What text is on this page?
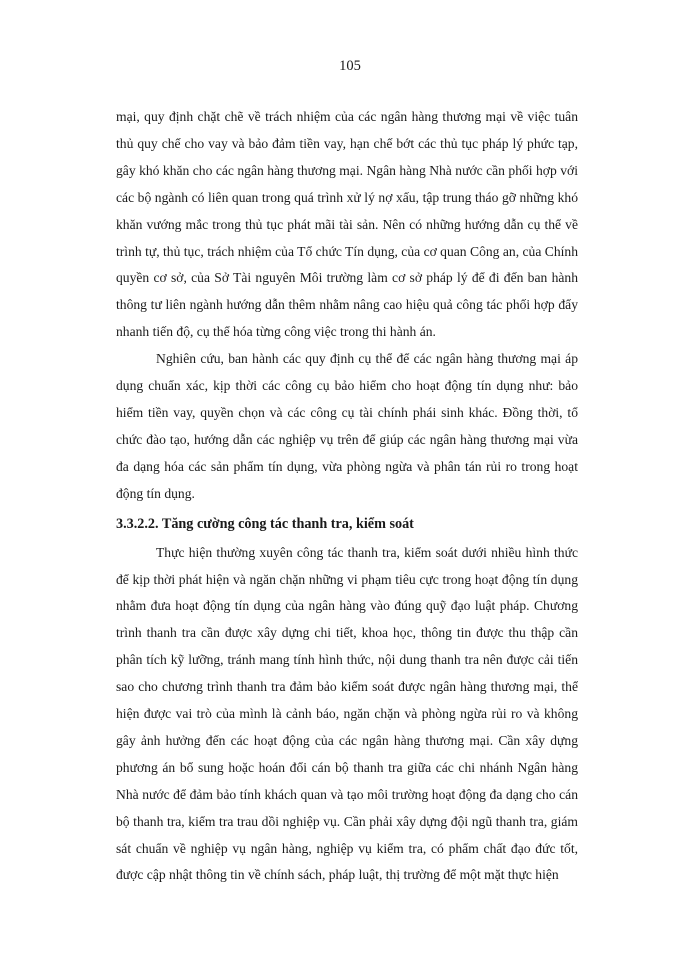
105

mại, quy định chặt chẽ về trách nhiệm của các ngân hàng thương mại về việc tuân thủ quy chế cho vay và bảo đảm tiền vay, hạn chế bớt các thủ tục pháp lý phức tạp, gây khó khăn cho các ngân hàng thương mại. Ngân hàng Nhà nước cần phối hợp với các bộ ngành có liên quan trong quá trình xử lý nợ xấu, tập trung tháo gỡ những khó khăn vướng mắc trong thủ tục phát mãi tài sản. Nên có những hướng dẫn cụ thể về trình tự, thủ tục, trách nhiệm của Tổ chức Tín dụng, của cơ quan Công an, của Chính quyền cơ sở, của Sở Tài nguyên Môi trường làm cơ sở pháp lý để đi đến ban hành thông tư liên ngành hướng dẫn thêm nhằm nâng cao hiệu quả công tác phối hợp đẩy nhanh tiến độ, cụ thể hóa từng công việc trong thi hành án.

Nghiên cứu, ban hành các quy định cụ thể để các ngân hàng thương mại áp dụng chuẩn xác, kịp thời các công cụ bảo hiểm cho hoạt động tín dụng như: bảo hiểm tiền vay, quyền chọn và các công cụ tài chính phái sinh khác. Đồng thời, tổ chức đào tạo, hướng dẫn các nghiệp vụ trên để giúp các ngân hàng thương mại vừa đa dạng hóa các sản phẩm tín dụng, vừa phòng ngừa và phân tán rủi ro trong hoạt động tín dụng.

3.3.2.2. Tăng cường công tác thanh tra, kiểm soát

Thực hiện thường xuyên công tác thanh tra, kiểm soát dưới nhiều hình thức để kịp thời phát hiện và ngăn chặn những vi phạm tiêu cực trong hoạt động tín dụng nhằm đưa hoạt động tín dụng của ngân hàng vào đúng quỹ đạo luật pháp. Chương trình thanh tra cần được xây dựng chi tiết, khoa học, thông tin được thu thập cần phân tích kỹ lưỡng, tránh mang tính hình thức, nội dung thanh tra nên được cải tiến sao cho chương trình thanh tra đảm bảo kiểm soát được ngân hàng thương mại, thể hiện được vai trò của mình là cảnh báo, ngăn chặn và phòng ngừa rủi ro và không gây ảnh hưởng đến các hoạt động của các ngân hàng thương mại. Cần xây dựng phương án bổ sung hoặc hoán đổi cán bộ thanh tra giữa các chi nhánh Ngân hàng Nhà nước để đảm bảo tính khách quan và tạo môi trường hoạt động đa dạng cho cán bộ thanh tra, kiểm tra trau dồi nghiệp vụ. Cần phải xây dựng đội ngũ thanh tra, giám sát chuẩn về nghiệp vụ ngân hàng, nghiệp vụ kiểm tra, có phẩm chất đạo đức tốt, được cập nhật thông tin về chính sách, pháp luật, thị trường để một mặt thực hiện
